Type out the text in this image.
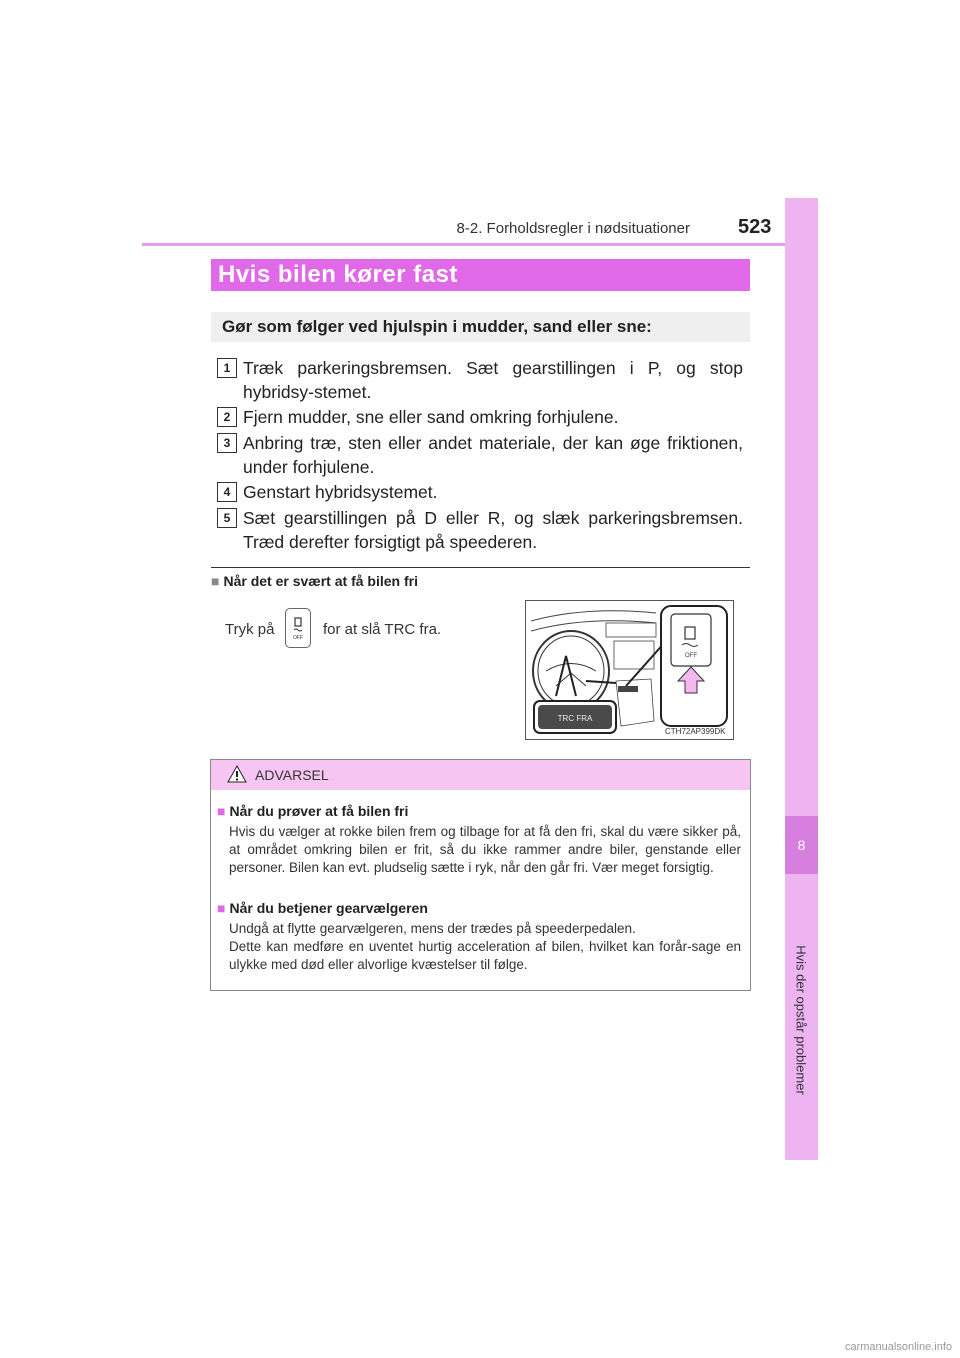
8-2. Forholdsregler i nødsituationer 523
8
Hvis der opstår problemer
Hvis bilen kører fast
Gør som følger ved hjulspin i mudder, sand eller sne:
1 Træk parkeringsbremsen. Sæt gearstillingen i P, og stop hybridsy-stemet.
2 Fjern mudder, sne eller sand omkring forhjulene.
3 Anbring træ, sten eller andet materiale, der kan øge friktionen, under forhjulene.
4 Genstart hybridsystemet.
5 Sæt gearstillingen på D eller R, og slæk parkeringsbremsen. Træd derefter forsigtigt på speederen.
■ Når det er svært at få bilen fri
Tryk på	OFF for at slå TRC fra.
TRC FRA
OFF
CTH72AP399DK
ADVARSEL
■ Når du prøver at få bilen fri
Hvis du vælger at rokke bilen frem og tilbage for at få den fri, skal du være sikker på, at området omkring bilen er frit, så du ikke rammer andre biler, genstande eller personer. Bilen kan evt. pludselig sætte i ryk, når den går fri. Vær meget forsigtig.
■ Når du betjener gearvælgeren
Undgå at flytte gearvælgeren, mens der trædes på speederpedalen.
Dette kan medføre en uventet hurtig acceleration af bilen, hvilket kan forår-sage en ulykke med død eller alvorlige kvæstelser til følge.
carmanualsonline.info
